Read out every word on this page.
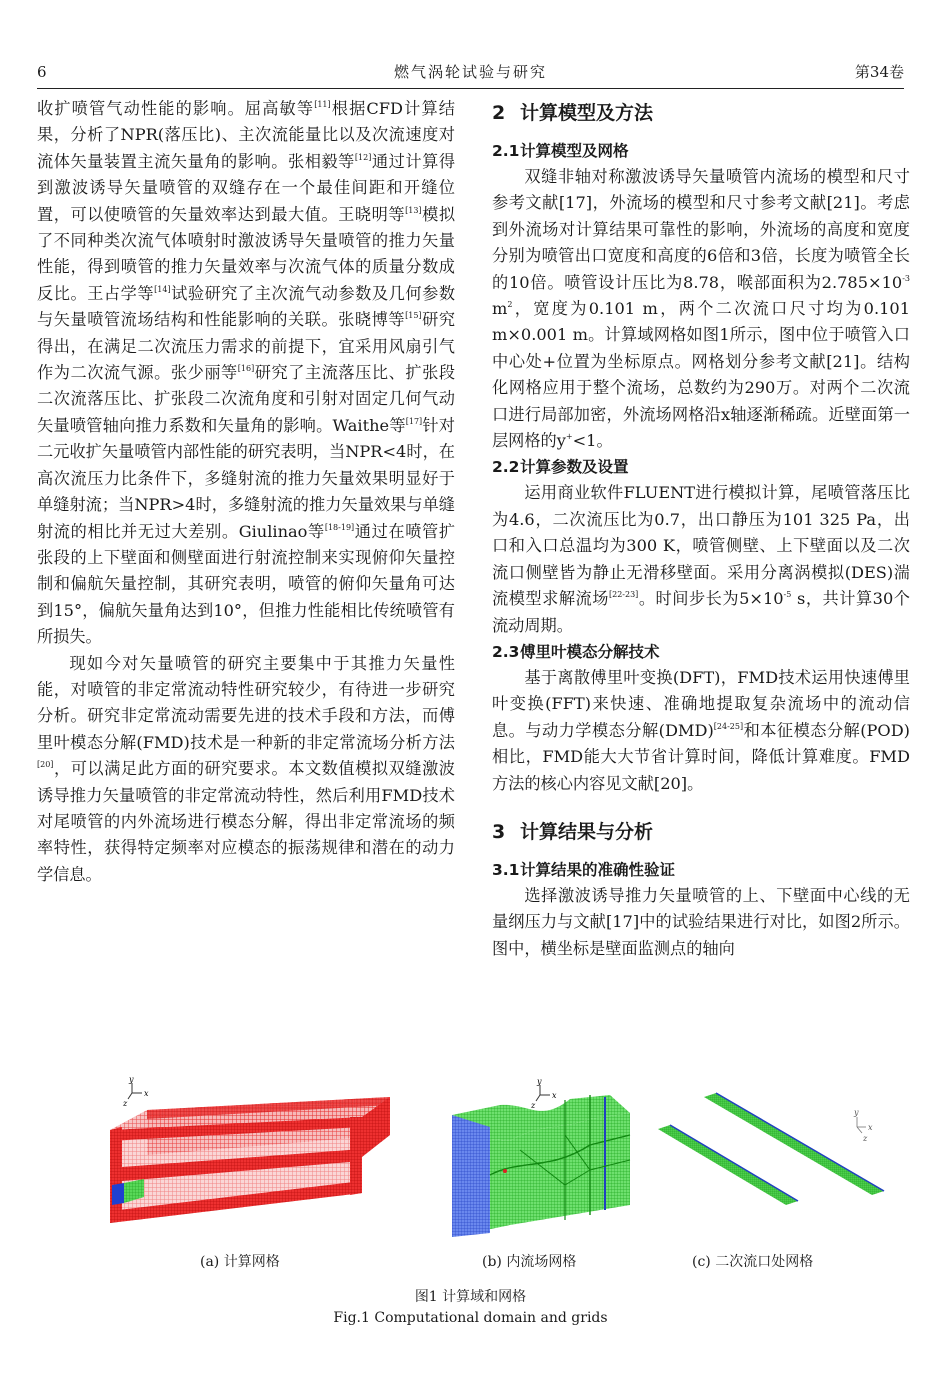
6	燃气涡轮试验与研究	第34卷

收扩喷管气动性能的影响。屈高敏等[11]根据CFD计算结果，分析了NPR(落压比)、主次流能量比以及次流速度对流体矢量装置主流矢量角的影响。张相毅等[12]通过计算得到激波诱导矢量喷管的双缝存在一个最佳间距和开缝位置，可以使喷管的矢量效率达到最大值。王晓明等[13]模拟了不同种类次流气体喷射时激波诱导矢量喷管的推力矢量性能，得到喷管的推力矢量效率与次流气体的质量分数成反比。王占学等[14]试验研究了主次流气动参数及几何参数与矢量喷管流场结构和性能影响的关联。张晓博等[15]研究得出，在满足二次流压力需求的前提下，宜采用风扇引气作为二次流气源。张少丽等[16]研究了主流落压比、扩张段二次流落压比、扩张段二次流角度和引射对固定几何气动矢量喷管轴向推力系数和矢量角的影响。Waithe等[17]针对二元收扩矢量喷管内部性能的研究表明，当NPR<4时，在高次流压力比条件下，多缝射流的推力矢量效果明显好于单缝射流；当NPR>4时，多缝射流的推力矢量效果与单缝射流的相比并无过大差别。Giulinao等[18-19]通过在喷管扩张段的上下壁面和侧壁面进行射流控制来实现俯仰矢量控制和偏航矢量控制，其研究表明，喷管的俯仰矢量角可达到15°，偏航矢量角达到10°，但推力性能相比传统喷管有所损失。

现如今对矢量喷管的研究主要集中于其推力矢量性能，对喷管的非定常流动特性研究较少，有待进一步研究分析。研究非定常流动需要先进的技术手段和方法，而傅里叶模态分解(FMD)技术是一种新的非定常流场分析方法[20]，可以满足此方面的研究要求。本文数值模拟双缝激波诱导推力矢量喷管的非定常流动特性，然后利用FMD技术对尾喷管的内外流场进行模态分解，得出非定常流场的频率特性，获得特定频率对应模态的振荡规律和潜在的动力学信息。

2 计算模型及方法
2.1计算模型及网格

双缝非轴对称激波诱导矢量喷管内流场的模型和尺寸参考文献[17]，外流场的模型和尺寸参考文献[21]。考虑到外流场对计算结果可靠性的影响，外流场的高度和宽度分别为喷管出口宽度和高度的6倍和3倍，长度为喷管全长的10倍。喷管设计压比为8.78，喉部面积为$2.785\times 10^{-3}$ $m^2$，宽度为0.101 m，两个二次流口尺寸均为0.101 m×0.001 m。计算域网格如图1所示，图中位于喷管入口中心处+位置为坐标原点。网格划分参考文献[21]。结构化网格应用于整个流场，总数约为290万。对两个二次流口进行局部加密，外流场网格沿x轴逐渐稀疏。近壁面第一层网格的y+<1。

2.2计算参数及设置

运用商业软件FLUENT进行模拟计算，尾喷管落压比为4.6，二次流压比为0.7，出口静压为101 325 Pa，出口和入口总温均为300 K，喷管侧壁、上下壁面以及二次流口侧壁皆为静止无滑移壁面。采用分离涡模拟(DES)湍流模型求解流场[22-23]。时间步长为$5\times 10^{-5}$ s，共计算30个流动周期。

2.3傅里叶模态分解技术

基于离散傅里叶变换(DFT)，FMD技术运用快速傅里叶变换(FFT)来快速、准确地提取复杂流场中的流动信息。与动力学模态分解(DMD)[24-25]和本征模态分解(POD)相比，FMD能大大节省计算时间，降低计算难度。FMD方法的核心内容见文献[20]。

3 计算结果与分析
3.1计算结果的准确性验证

选择激波诱导推力矢量喷管的上、下壁面中心线的无量纲压力与文献[17]中的试验结果进行对比，如图2所示。图中，横坐标是壁面监测点的轴向

y
x
z
(a) 计算网格
y
x
z
(b) 内流场网格
y
x
z
(c) 二次流口处网格
图1 计算域和网格
Fig.1 Computational domain and grids
